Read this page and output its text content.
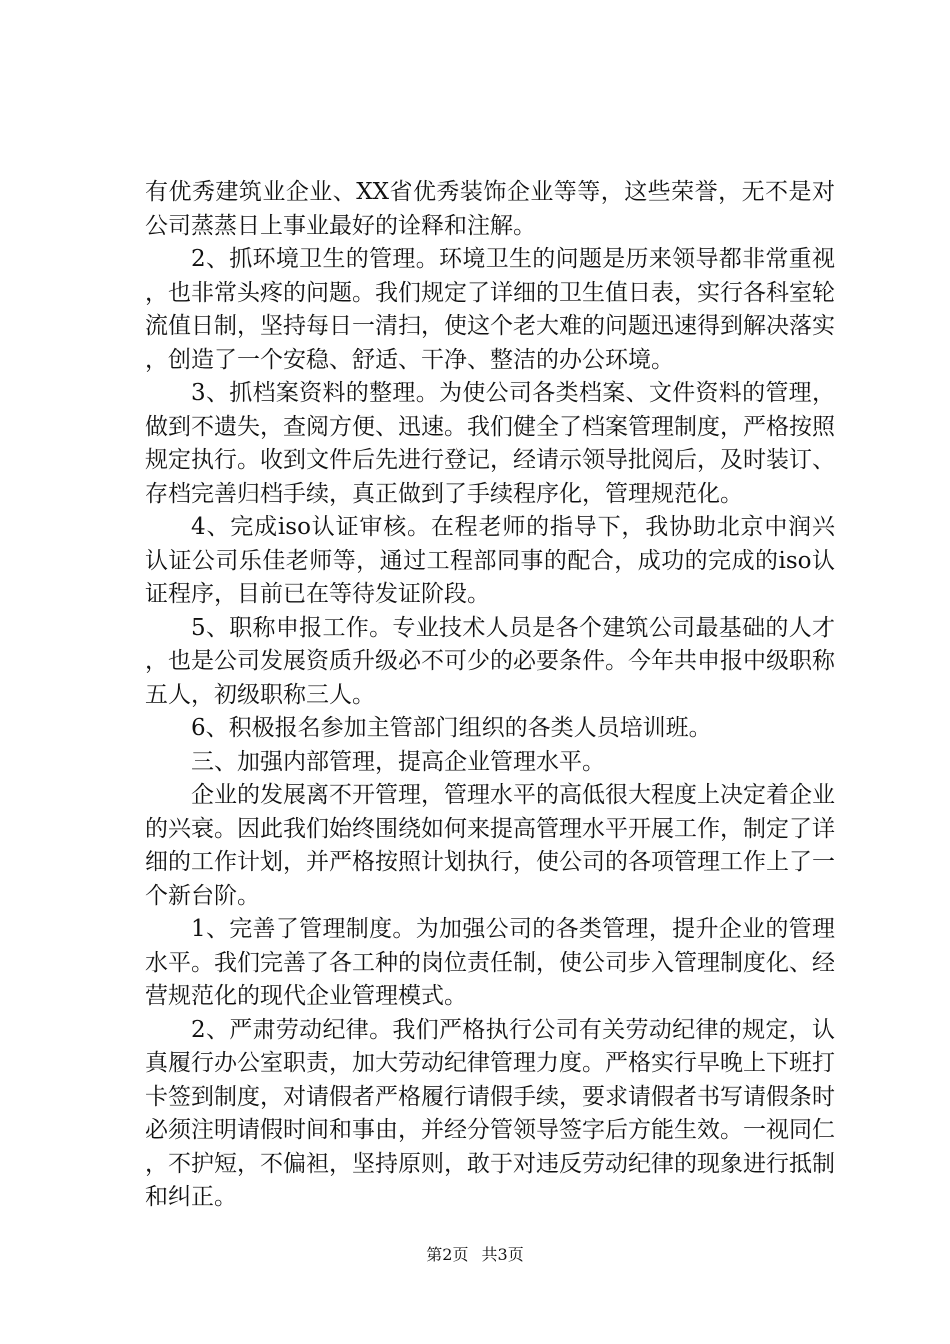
有优秀建筑业企业、XX省优秀装饰企业等等，这些荣誉，无不是对公司蒸蒸日上事业最好的诠释和注解。

2、抓环境卫生的管理。环境卫生的问题是历来领导都非常重视，也非常头疼的问题。我们规定了详细的卫生值日表，实行各科室轮流值日制，坚持每日一清扫，使这个老大难的问题迅速得到解决落实，创造了一个安稳、舒适、干净、整洁的办公环境。

3、抓档案资料的整理。为使公司各类档案、文件资料的管理，做到不遗失，查阅方便、迅速。我们健全了档案管理制度，严格按照规定执行。收到文件后先进行登记，经请示领导批阅后，及时装订、存档完善归档手续，真正做到了手续程序化，管理规范化。

4、完成iso认证审核。在程老师的指导下，我协助北京中润兴认证公司乐佳老师等，通过工程部同事的配合，成功的完成的iso认证程序，目前已在等待发证阶段。

5、职称申报工作。专业技术人员是各个建筑公司最基础的人才，也是公司发展资质升级必不可少的必要条件。今年共申报中级职称五人，初级职称三人。

6、积极报名参加主管部门组织的各类人员培训班。

三、加强内部管理，提高企业管理水平。

企业的发展离不开管理，管理水平的高低很大程度上决定着企业的兴衰。因此我们始终围绕如何来提高管理水平开展工作，制定了详细的工作计划，并严格按照计划执行，使公司的各项管理工作上了一个新台阶。

1、完善了管理制度。为加强公司的各类管理，提升企业的管理水平。我们完善了各工种的岗位责任制，使公司步入管理制度化、经营规范化的现代企业管理模式。

2、严肃劳动纪律。我们严格执行公司有关劳动纪律的规定，认真履行办公室职责，加大劳动纪律管理力度。严格实行早晚上下班打卡签到制度，对请假者严格履行请假手续，要求请假者书写请假条时必须注明请假时间和事由，并经分管领导签字后方能生效。一视同仁，不护短，不偏袒，坚持原则，敢于对违反劳动纪律的现象进行抵制和纠正。

第2页 共3页
